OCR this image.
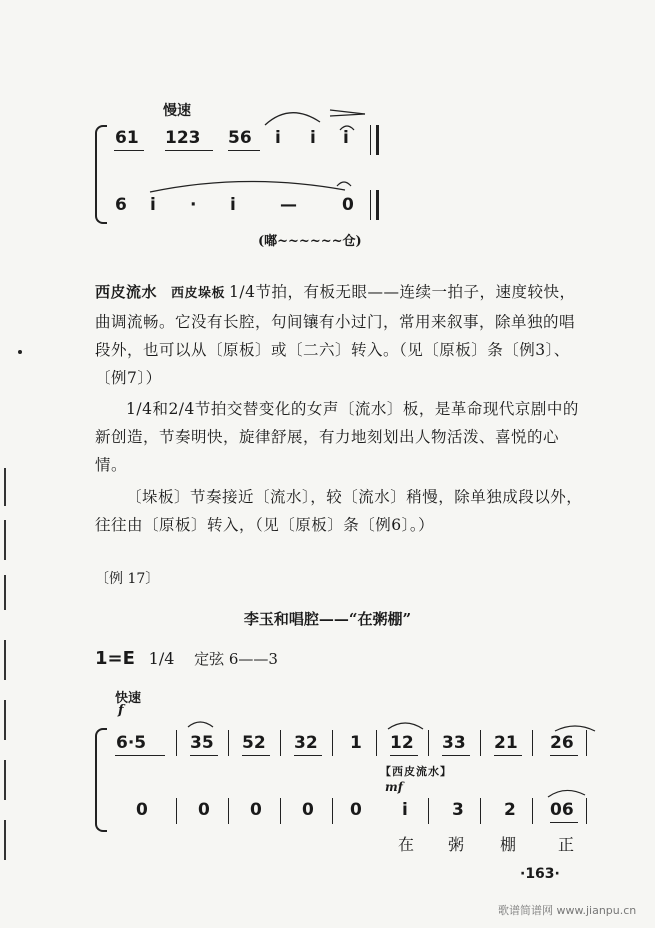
慢速
61 123 56 i i i
6 i · i	—	0
(嘟~~~~~~仓)
西皮流水 西皮垛板 1/4节拍，有板无眼——连续一拍子，速度较快，曲调流畅。它没有长腔，句间镶有小过门，常用来叙事，除单独的唱段外，也可以从〔原板〕或〔二六〕转入。（见〔原板〕条〔例3〕、〔例7〕）
1/4和2/4节拍交替变化的女声〔流水〕板，是革命现代京剧中的新创造，节奏明快，旋律舒展，有力地刻划出人物活泼、喜悦的心情。
〔垛板〕节奏接近〔流水〕，较〔流水〕稍慢，除单独成段以外，往往由〔原板〕转入，（见〔原板〕条〔例6〕。）
〔例 17〕
李玉和唱腔——“在粥棚”
1=E 1/4 定弦 6——3
快速
f
6·5	35 52 32 1 12 33 21 26
【西皮流水】
mf
0	0 0 0 0 i	3 2 06
在 粥 棚 正
·163·
歌谱简谱网 www.jianpu.cn
